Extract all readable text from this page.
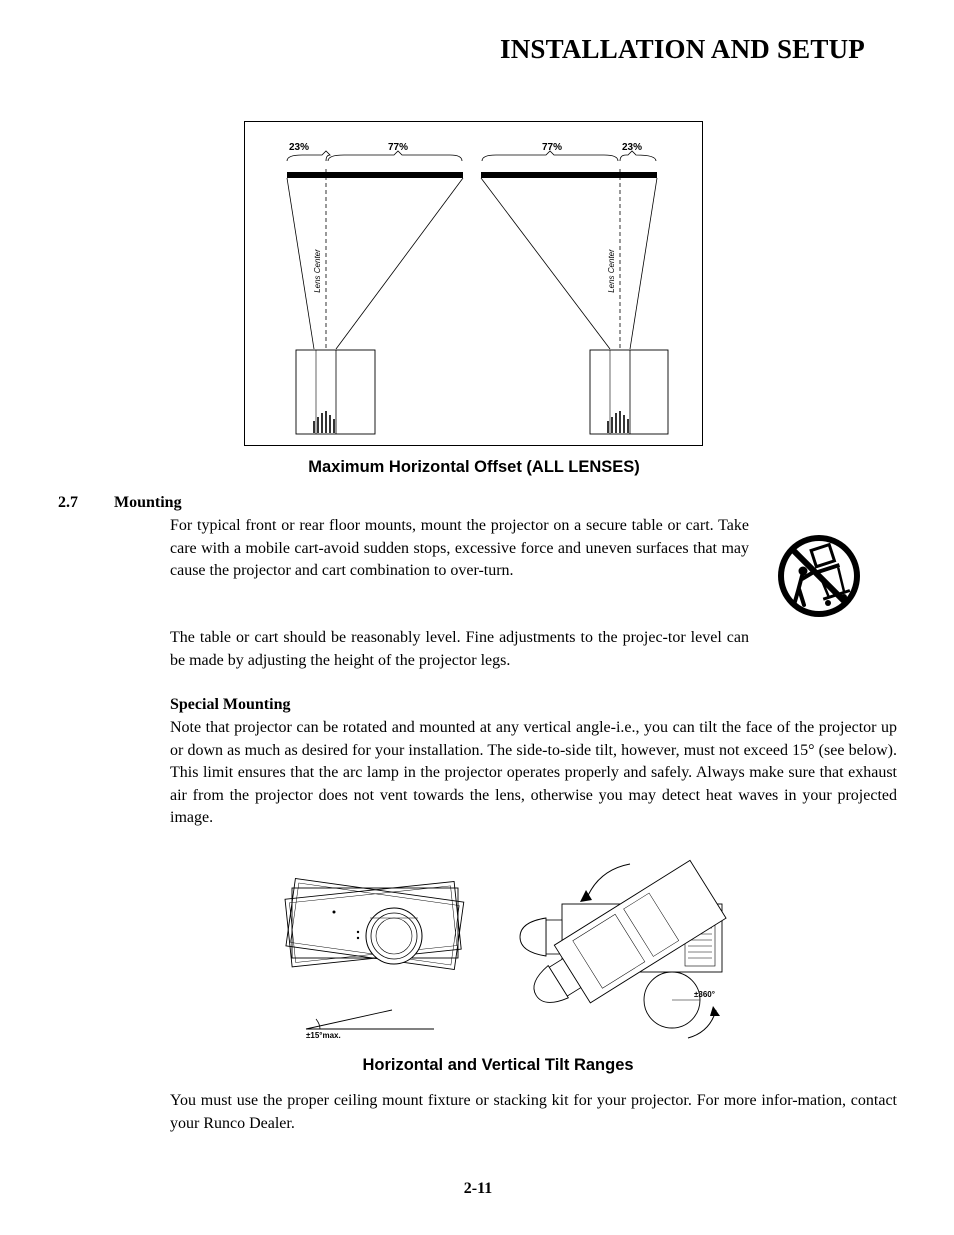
INSTALLATION AND SETUP
23%	77%
Lens Center
77%	23%
Lens Center
Maximum Horizontal Offset (ALL LENSES)
2.7 Mounting
For typical front or rear floor mounts, mount the projector on a secure table or cart. Take care with a mobile cart-avoid sudden stops, excessive force and uneven surfaces that may cause the projector and cart combination to over-turn.
The table or cart should be reasonably level. Fine adjustments to the projec-tor level can be made by adjusting the height of the projector legs.
Special Mounting
Note that projector can be rotated and mounted at any vertical angle-i.e., you can tilt the face of the projector up or down as much as desired for your installation. The side-to-side tilt, however, must not exceed 15° (see below). This limit ensures that the arc lamp in the projector operates properly and safely. Always make sure that exhaust air from the projector does not vent towards the lens, otherwise you may detect heat waves in your projected image.
±15°max.
±360°
Horizontal and Vertical Tilt Ranges
You must use the proper ceiling mount fixture or stacking kit for your projector. For more infor-mation, contact your Runco Dealer.
2-11
